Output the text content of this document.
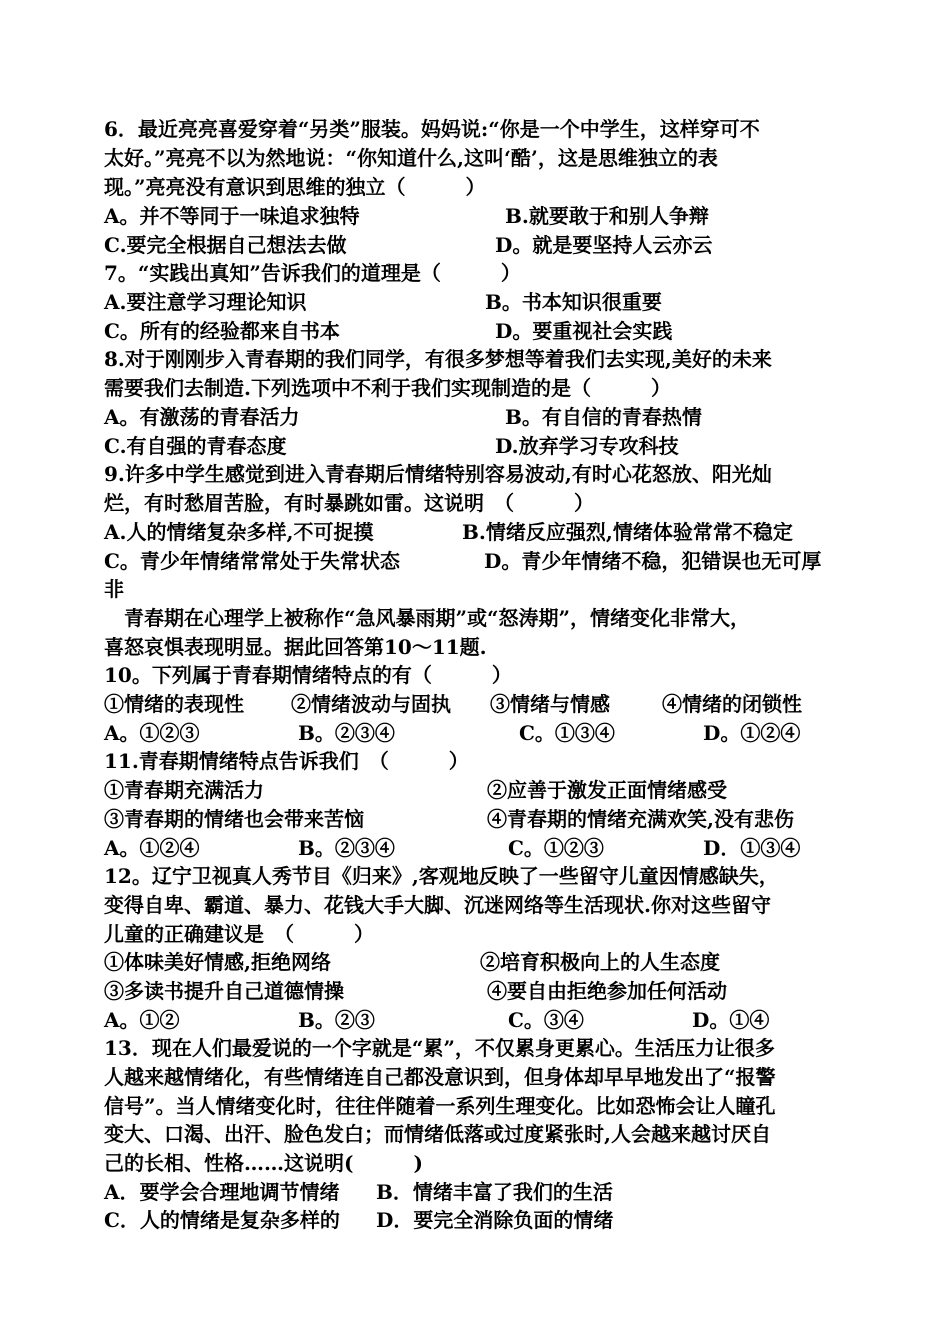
6．最近亮亮喜爱穿着“另类”服装。妈妈说:“你是一个中学生，这样穿可不
太好。”亮亮不以为然地说：“你知道什么,这叫‘酷’，这是思维独立的表
现。”亮亮没有意识到思维的独立（　　　）
A。并不等同于一味追求独特	B.就要敢于和别人争辩
C.要完全根据自己想法去做	D。就是要坚持人云亦云
7。“实践出真知”告诉我们的道理是（　　　）
A.要注意学习理论知识	B。书本知识很重要
C。所有的经验都来自书本	D。要重视社会实践
8.对于刚刚步入青春期的我们同学，有很多梦想等着我们去实现,美好的未来
需要我们去制造.下列选项中不利于我们实现制造的是（　　　）
A。有激荡的青春活力	B。有自信的青春热情
C.有自强的青春态度	D.放弃学习专攻科技
9.许多中学生感觉到进入青春期后情绪特别容易波动,有时心花怒放、阳光灿
烂，有时愁眉苦脸，有时暴跳如雷。这说明　（　　　）
A.人的情绪复杂多样,不可捉摸	B.情绪反应强烈,情绪体验常常不稳定
C。青少年情绪常常处于失常状态	D。青少年情绪不稳，犯错误也无可厚
非
　青春期在心理学上被称作“急风暴雨期”或“怒涛期”，情绪变化非常大，
喜怒哀惧表现明显。据此回答第10～11题.
10。下列属于青春期情绪特点的有（　　　）
①情绪的表现性 ②情绪波动与固执 ③情绪与情感	④情绪的闭锁性
A。①②③	B。②③④	C。①③④	D。①②④
11.青春期情绪特点告诉我们　（　　　）
①青春期充满活力	②应善于激发正面情绪感受
③青春期的情绪也会带来苦恼	④青春期的情绪充满欢笑,没有悲伤
A。①②④	B。②③④	C。①②③	D．①③④
12。辽宁卫视真人秀节目《归来》,客观地反映了一些留守儿童因情感缺失，
变得自卑、霸道、暴力、花钱大手大脚、沉迷网络等生活现状.你对这些留守
儿童的正确建议是　（　　　）
①体味美好情感,拒绝网络	②培育积极向上的人生态度
③多读书提升自己道德情操	④要自由拒绝参加任何活动
A。①②	B。②③	C。③④	D。①④
13．现在人们最爱说的一个字就是“累”，不仅累身更累心。生活压力让很多
人越来越情绪化，有些情绪连自己都没意识到，但身体却早早地发出了“报警
信号”。当人情绪变化时，往往伴随着一系列生理变化。比如恐怖会让人瞳孔
变大、口渴、出汗、脸色发白；而情绪低落或过度紧张时,人会越来越讨厌自
己的长相、性格……这说明(　　　)
A．要学会合理地调节情绪 B．情绪丰富了我们的生活
C．人的情绪是复杂多样的 D．要完全消除负面的情绪
